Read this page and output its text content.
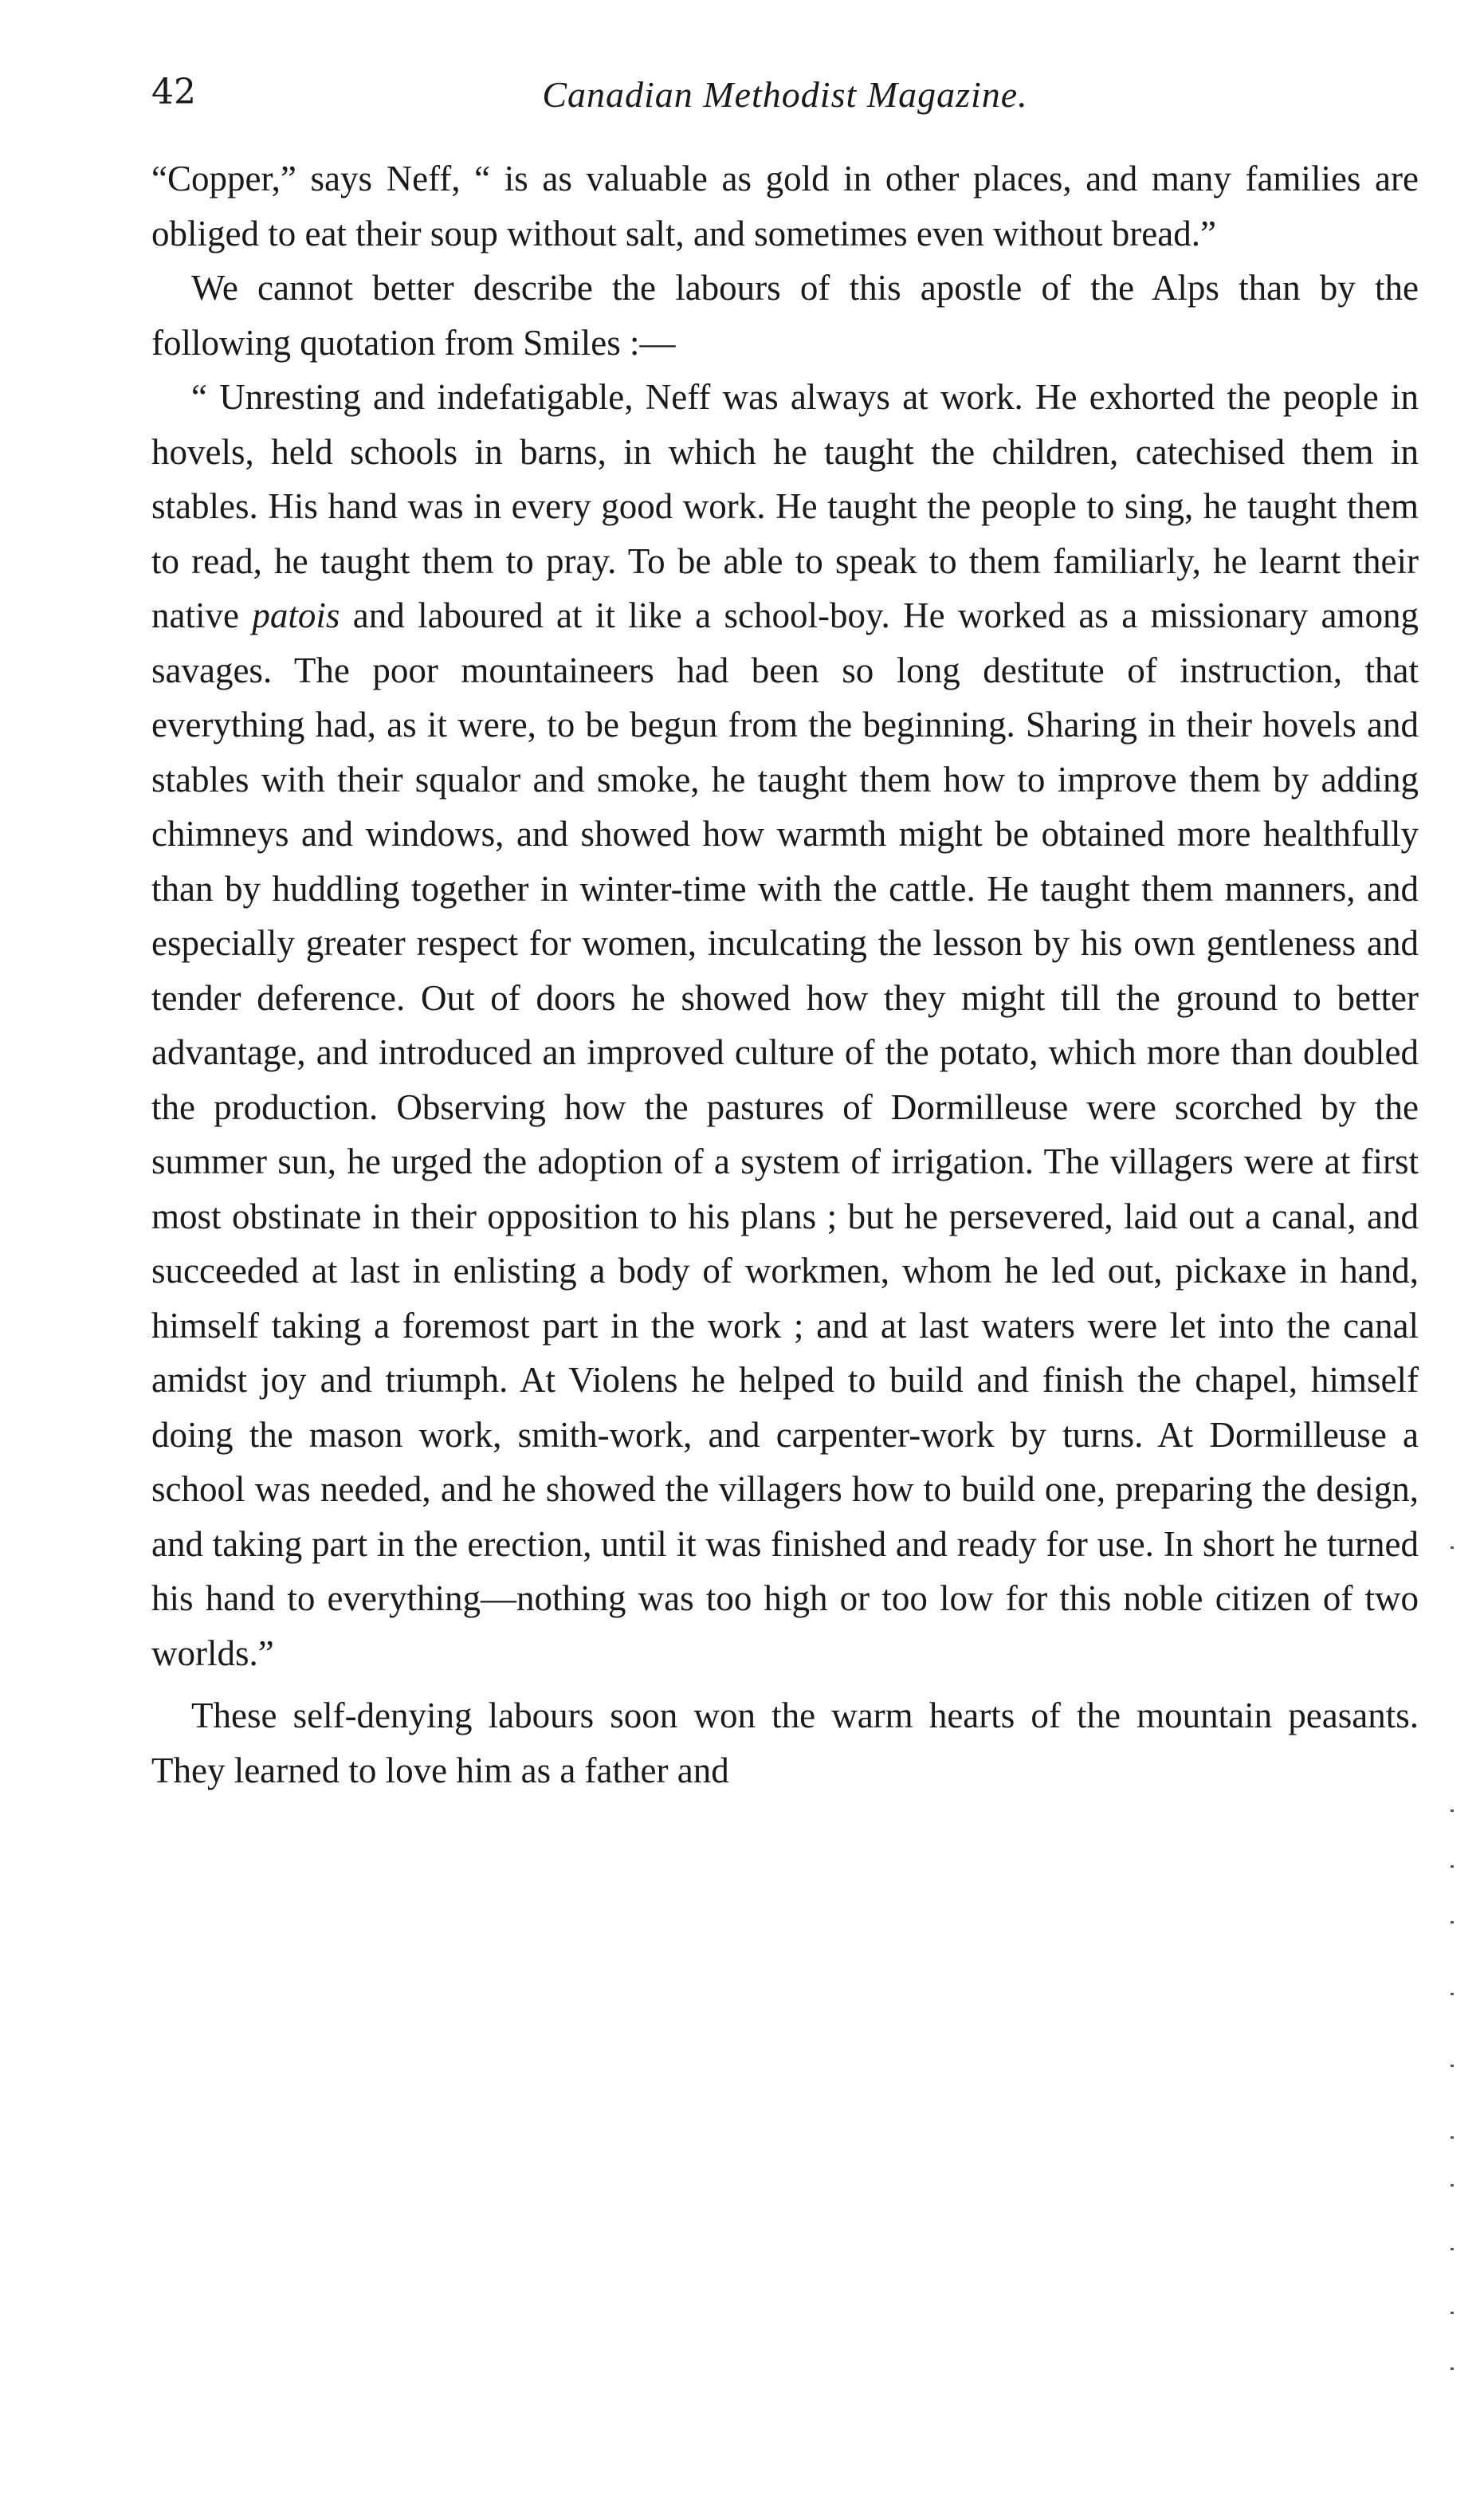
42	Canadian Methodist Magazine.

“Copper,” says Neff, “ is as valuable as gold in other places, and many families are obliged to eat their soup without salt, and sometimes even without bread.”

We cannot better describe the labours of this apostle of the Alps than by the following quotation from Smiles :—

“ Unresting and indefatigable, Neff was always at work. He exhorted the people in hovels, held schools in barns, in which he taught the children, catechised them in stables. His hand was in every good work. He taught the people to sing, he taught them to read, he taught them to pray. To be able to speak to them familiarly, he learnt their native patois and laboured at it like a school-boy. He worked as a missionary among savages. The poor mountaineers had been so long destitute of instruction, that everything had, as it were, to be begun from the beginning. Sharing in their hovels and stables with their squalor and smoke, he taught them how to improve them by adding chimneys and windows, and showed how warmth might be obtained more healthfully than by huddling together in winter-time with the cattle. He taught them manners, and especially greater respect for women, inculcating the lesson by his own gentleness and tender deference. Out of doors he showed how they might till the ground to better advantage, and introduced an improved culture of the potato, which more than doubled the production. Observing how the pastures of Dormilleuse were scorched by the summer sun, he urged the adoption of a system of irrigation. The villagers were at first most obstinate in their opposition to his plans ; but he persevered, laid out a canal, and succeeded at last in enlisting a body of workmen, whom he led out, pickaxe in hand, himself taking a foremost part in the work ; and at last waters were let into the canal amidst joy and triumph. At Violens he helped to build and finish the chapel, himself doing the mason work, smith-work, and carpenter-work by turns. At Dormilleuse a school was needed, and he showed the villagers how to build one, preparing the design, and taking part in the erection, until it was finished and ready for use. In short he turned his hand to everything—nothing was too high or too low for this noble citizen of two worlds.”

These self-denying labours soon won the warm hearts of the mountain peasants. They learned to love him as a father and
